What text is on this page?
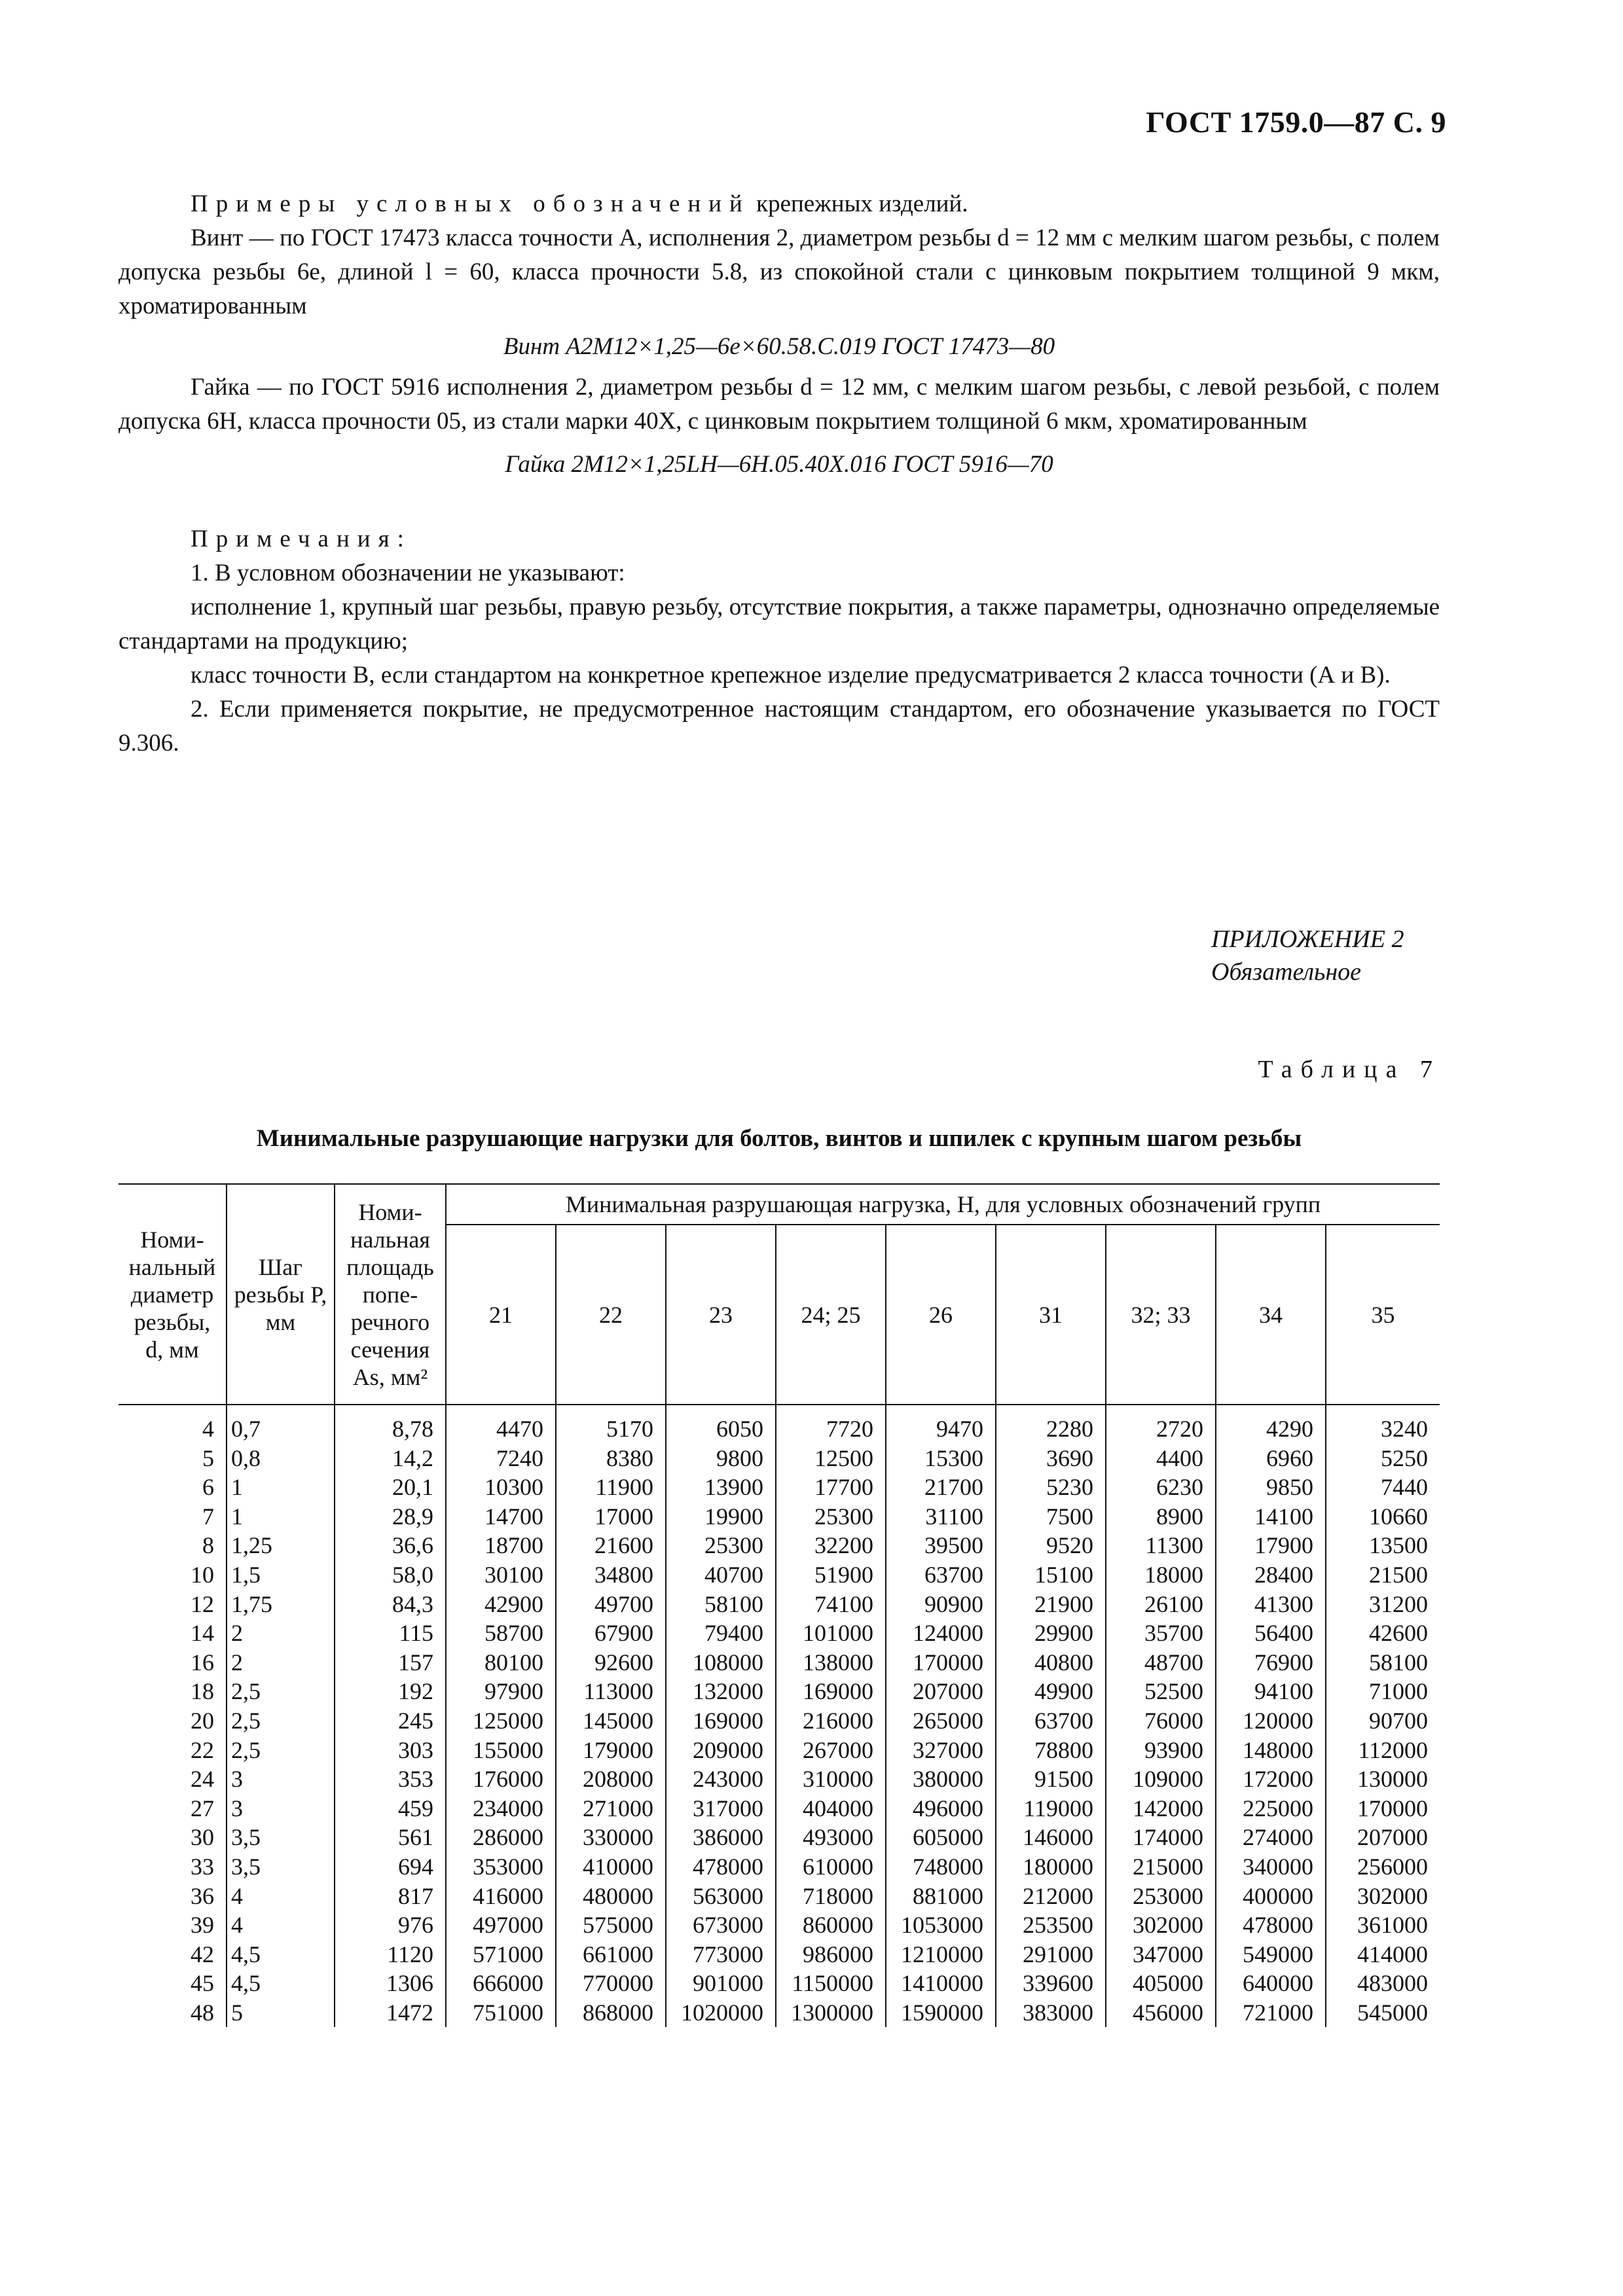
ГОСТ 1759.0—87 С. 9

Примеры условных обозначений крепежных изделий.

Винт — по ГОСТ 17473 класса точности А, исполнения 2, диаметром резьбы d = 12 мм с мелким шагом резьбы, с полем допуска резьбы 6е, длиной l = 60, класса прочности 5.8, из спокойной стали с цинковым покрытием толщиной 9 мкм, хроматированным

Винт А2М12×1,25—6е×60.58.С.019 ГОСТ 17473—80

Гайка — по ГОСТ 5916 исполнения 2, диаметром резьбы d = 12 мм, с мелким шагом резьбы, с левой резьбой, с полем допуска 6Н, класса прочности 05, из стали марки 40Х, с цинковым покрытием толщиной 6 мкм, хроматированным

Гайка 2М12×1,25LН—6Н.05.40Х.016 ГОСТ 5916—70

Примечания:

1. В условном обозначении не указывают:

исполнение 1, крупный шаг резьбы, правую резьбу, отсутствие покрытия, а также параметры, однозначно определяемые стандартами на продукцию;

класс точности В, если стандартом на конкретное крепежное изделие предусматривается 2 класса точности (А и В).

2. Если применяется покрытие, не предусмотренное настоящим стандартом, его обозначение указывается по ГОСТ 9.306.

ПРИЛОЖЕНИЕ 2
Обязательное
Таблица 7
Минимальные разрушающие нагрузки для болтов, винтов и шпилек с крупным шагом резьбы
Номи-нальный диаметр резьбы, d, мм	Шаг резьбы P, мм	Номи-нальная площадь попе-речного сечения As, мм²	Минимальная разрушающая нагрузка, Н, для условных обозначений групп								
			21	22	23	24; 25	26	31	32; 33	34	35
4	0,7	8,78	4470	5170	6050	7720	9470	2280	2720	4290	3240
5	0,8	14,2	7240	8380	9800	12500	15300	3690	4400	6960	5250
6	1	20,1	10300	11900	13900	17700	21700	5230	6230	9850	7440
7	1	28,9	14700	17000	19900	25300	31100	7500	8900	14100	10660
8	1,25	36,6	18700	21600	25300	32200	39500	9520	11300	17900	13500
10	1,5	58,0	30100	34800	40700	51900	63700	15100	18000	28400	21500
12	1,75	84,3	42900	49700	58100	74100	90900	21900	26100	41300	31200
14	2	115	58700	67900	79400	101000	124000	29900	35700	56400	42600
16	2	157	80100	92600	108000	138000	170000	40800	48700	76900	58100
18	2,5	192	97900	113000	132000	169000	207000	49900	52500	94100	71000
20	2,5	245	125000	145000	169000	216000	265000	63700	76000	120000	90700
22	2,5	303	155000	179000	209000	267000	327000	78800	93900	148000	112000
24	3	353	176000	208000	243000	310000	380000	91500	109000	172000	130000
27	3	459	234000	271000	317000	404000	496000	119000	142000	225000	170000
30	3,5	561	286000	330000	386000	493000	605000	146000	174000	274000	207000
33	3,5	694	353000	410000	478000	610000	748000	180000	215000	340000	256000
36	4	817	416000	480000	563000	718000	881000	212000	253000	400000	302000
39	4	976	497000	575000	673000	860000	1053000	253500	302000	478000	361000
42	4,5	1120	571000	661000	773000	986000	1210000	291000	347000	549000	414000
45	4,5	1306	666000	770000	901000	1150000	1410000	339600	405000	640000	483000
48	5	1472	751000	868000	1020000	1300000	1590000	383000	456000	721000	545000
